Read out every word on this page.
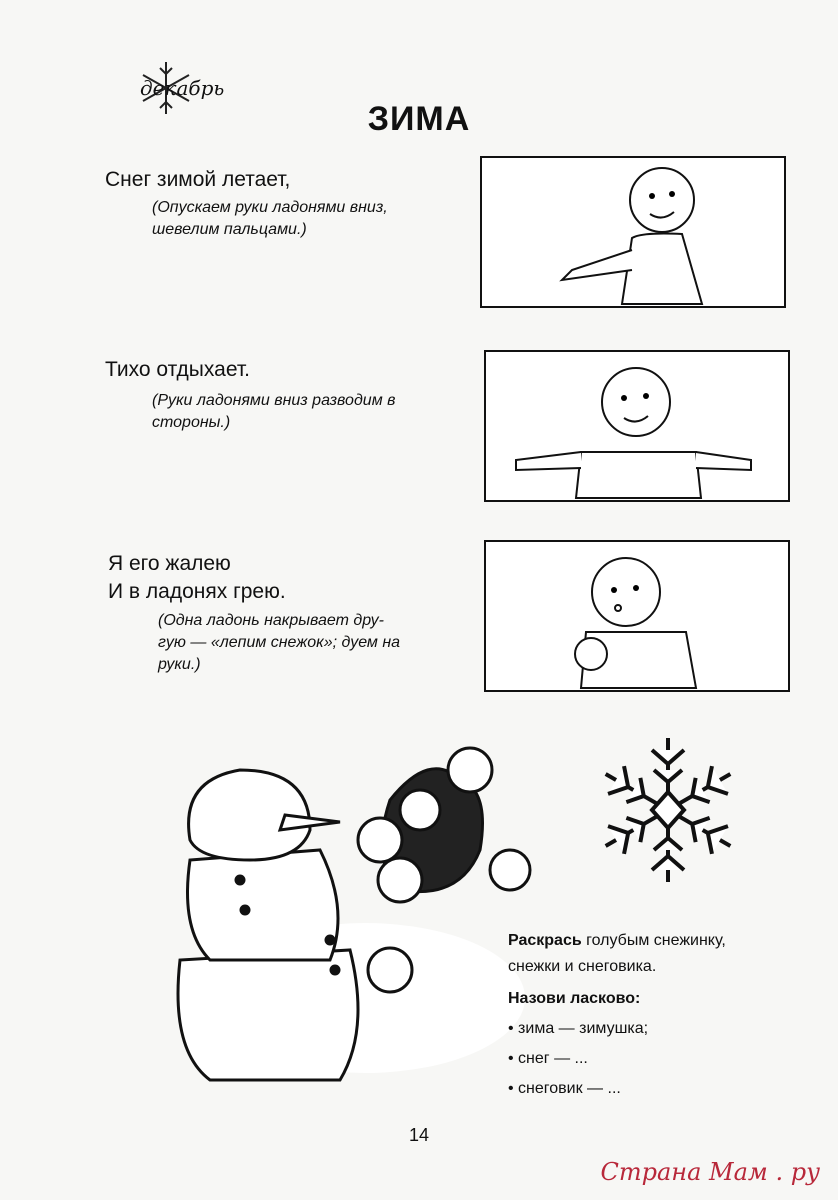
декабрь
ЗИМА
Снег зимой летает,
(Опускаем руки ладонями вниз,
шевелим пальцами.)
Тихо отдыхает.
(Руки ладонями вниз разводим в
стороны.)
Я его жалею
И в ладонях грею.
(Одна ладонь накрывает дру-
гую — «лепим снежок»; дуем на
руки.)
Раскрась голубым снежинку,
снежки и снеговика.
Назови ласково:
• зима — зимушка;
• снег — ...
• снеговик — ...
14
Страна Мам . ру
